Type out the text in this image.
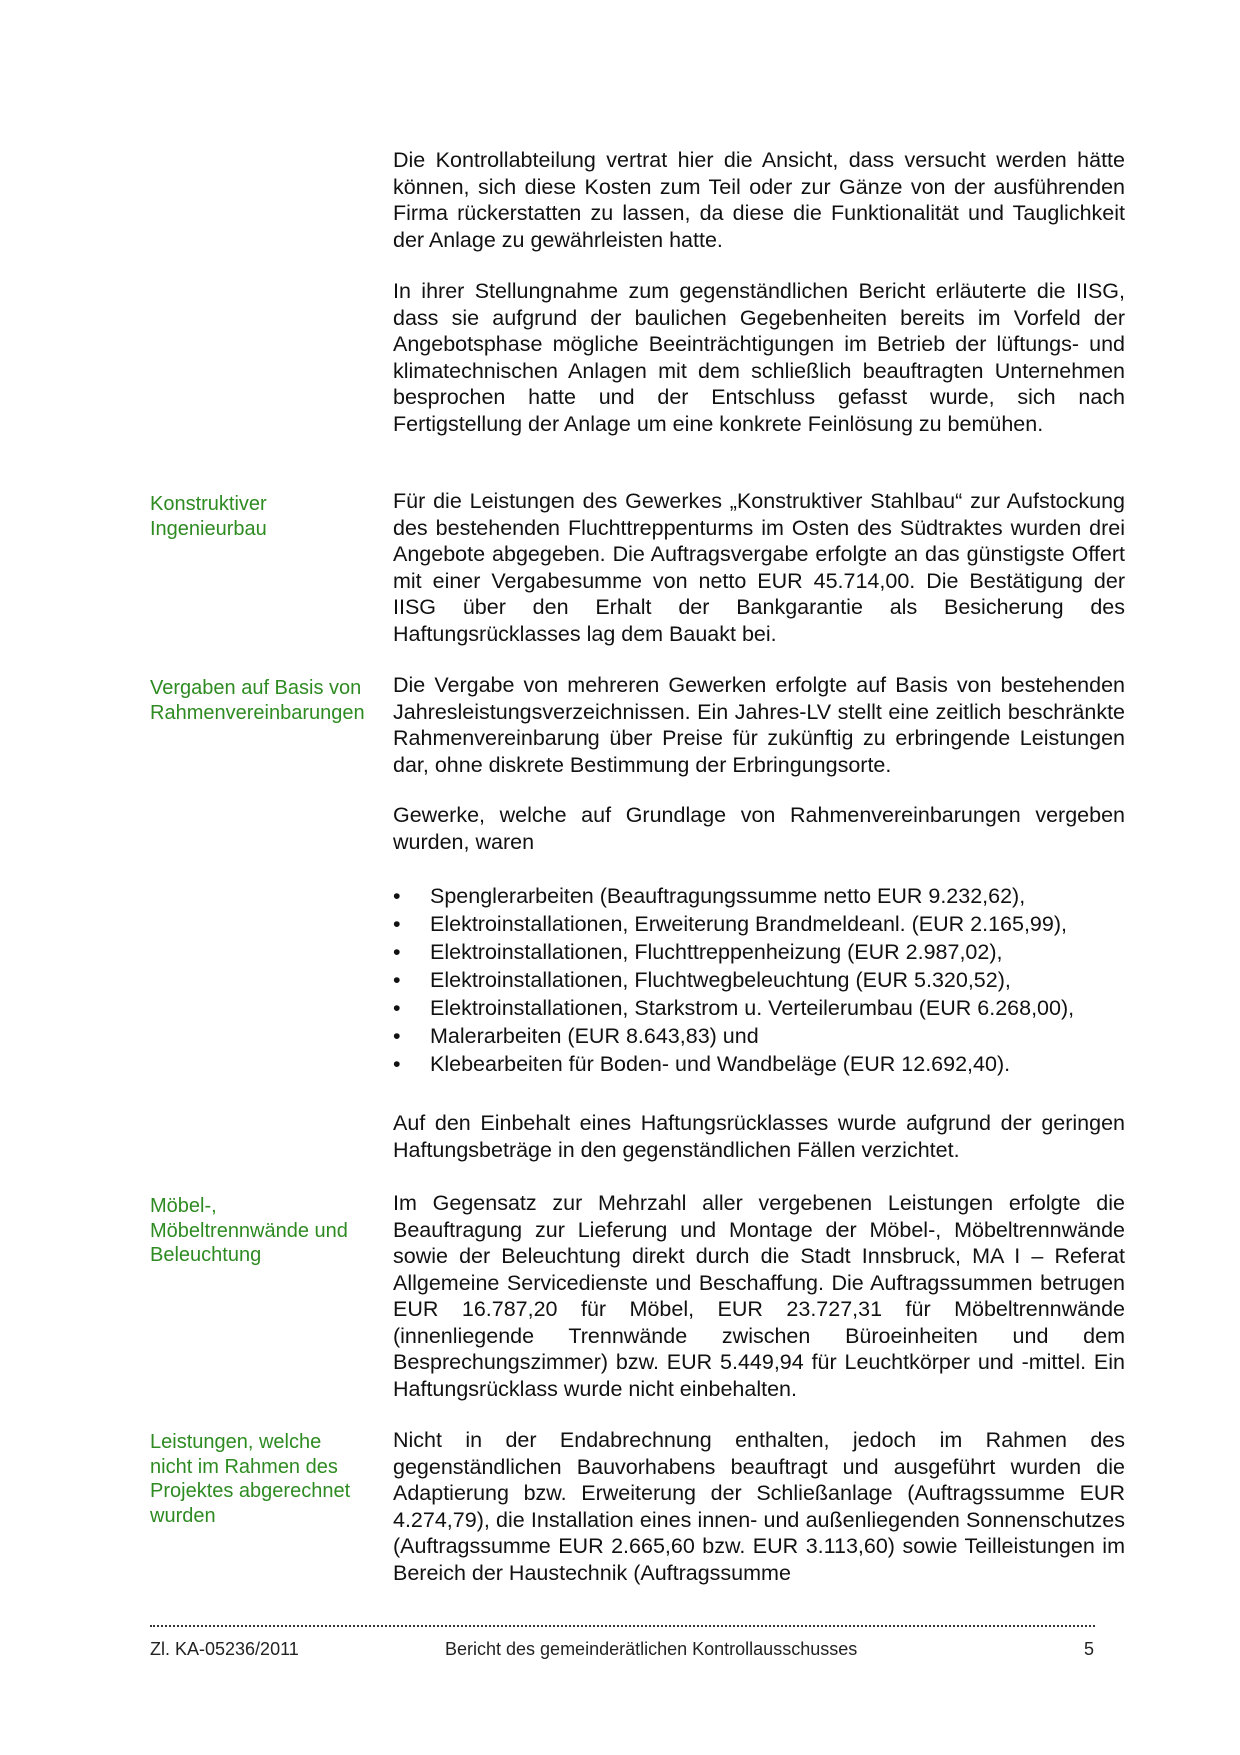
Konstruktiver Ingenieurbau
Vergaben auf Basis von Rahmenvereinbarungen
Möbel-, Möbeltrennwände und Beleuchtung
Leistungen, welche nicht im Rahmen des Projektes abgerechnet wurden

Die Kontrollabteilung vertrat hier die Ansicht, dass versucht werden hätte können, sich diese Kosten zum Teil oder zur Gänze von der ausführenden Firma rückerstatten zu lassen, da diese die Funktionalität und Tauglichkeit der Anlage zu gewährleisten hatte.

In ihrer Stellungnahme zum gegenständlichen Bericht erläuterte die IISG, dass sie aufgrund der baulichen Gegebenheiten bereits im Vorfeld der Angebotsphase mögliche Beeinträchtigungen im Betrieb der lüftungs- und klimatechnischen Anlagen mit dem schließlich beauftragten Unternehmen besprochen hatte und der Entschluss gefasst wurde, sich nach Fertigstellung der Anlage um eine konkrete Feinlösung zu bemühen.

Für die Leistungen des Gewerkes „Konstruktiver Stahlbau“ zur Aufstockung des bestehenden Fluchttreppenturms im Osten des Südtraktes wurden drei Angebote abgegeben. Die Auftragsvergabe erfolgte an das günstigste Offert mit einer Vergabesumme von netto EUR 45.714,00. Die Bestätigung der IISG über den Erhalt der Bankgarantie als Besicherung des Haftungsrücklasses lag dem Bauakt bei.

Die Vergabe von mehreren Gewerken erfolgte auf Basis von bestehenden Jahresleistungsverzeichnissen. Ein Jahres-LV stellt eine zeitlich beschränkte Rahmenvereinbarung über Preise für zukünftig zu erbringende Leistungen dar, ohne diskrete Bestimmung der Erbringungsorte.

Gewerke, welche auf Grundlage von Rahmenvereinbarungen vergeben wurden, waren

• Spenglerarbeiten (Beauftragungssumme netto EUR 9.232,62),
• Elektroinstallationen, Erweiterung Brandmeldeanl. (EUR 2.165,99),
• Elektroinstallationen, Fluchttreppenheizung (EUR 2.987,02),
• Elektroinstallationen, Fluchtwegbeleuchtung (EUR 5.320,52),
• Elektroinstallationen, Starkstrom u. Verteilerumbau (EUR 6.268,00),
• Malerarbeiten (EUR 8.643,83) und
• Klebearbeiten für Boden- und Wandbeläge (EUR 12.692,40).

Auf den Einbehalt eines Haftungsrücklasses wurde aufgrund der geringen Haftungsbeträge in den gegenständlichen Fällen verzichtet.

Im Gegensatz zur Mehrzahl aller vergebenen Leistungen erfolgte die Beauftragung zur Lieferung und Montage der Möbel-, Möbeltrennwände sowie der Beleuchtung direkt durch die Stadt Innsbruck, MA I – Referat Allgemeine Servicedienste und Beschaffung. Die Auftragssummen betrugen EUR 16.787,20 für Möbel, EUR 23.727,31 für Möbeltrennwände (innenliegende Trennwände zwischen Büroeinheiten und dem Besprechungszimmer) bzw. EUR 5.449,94 für Leuchtkörper und -mittel. Ein Haftungsrücklass wurde nicht einbehalten.

Nicht in der Endabrechnung enthalten, jedoch im Rahmen des gegenständlichen Bauvorhabens beauftragt und ausgeführt wurden die Adaptierung bzw. Erweiterung der Schließanlage (Auftragssumme EUR 4.274,79), die Installation eines innen- und außenliegenden Sonnenschutzes (Auftragssumme EUR 2.665,60 bzw. EUR 3.113,60) sowie Teilleistungen im Bereich der Haustechnik (Auftragssumme

Zl. KA-05236/2011	Bericht des gemeinderätlichen Kontrollausschusses	5
